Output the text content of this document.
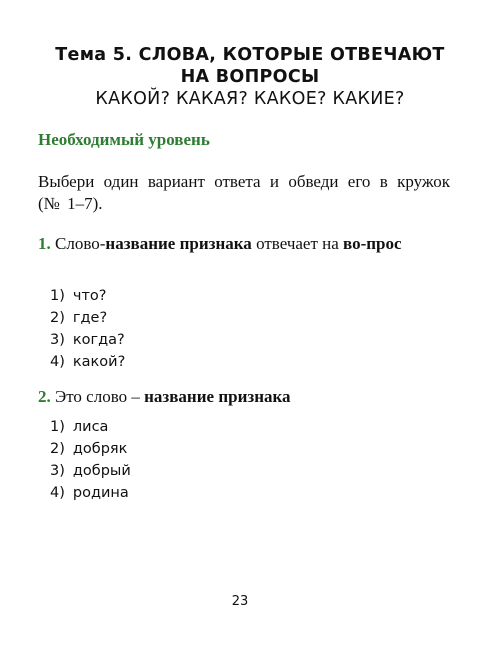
Тема 5. СЛОВА, КОТОРЫЕ ОТВЕЧАЮТ
НА ВОПРОСЫ
КАКОЙ? КАКАЯ? КАКОЕ? КАКИЕ?
Необходимый уровень
Выбери один вариант ответа и обведи его в кружок (№ 1–7).
1. Слово-название признака отвечает на во-прос
1) что?
2) где?
3) когда?
4) какой?
2. Это слово – название признака
1) лиса
2) добряк
3) добрый
4) родина
23
